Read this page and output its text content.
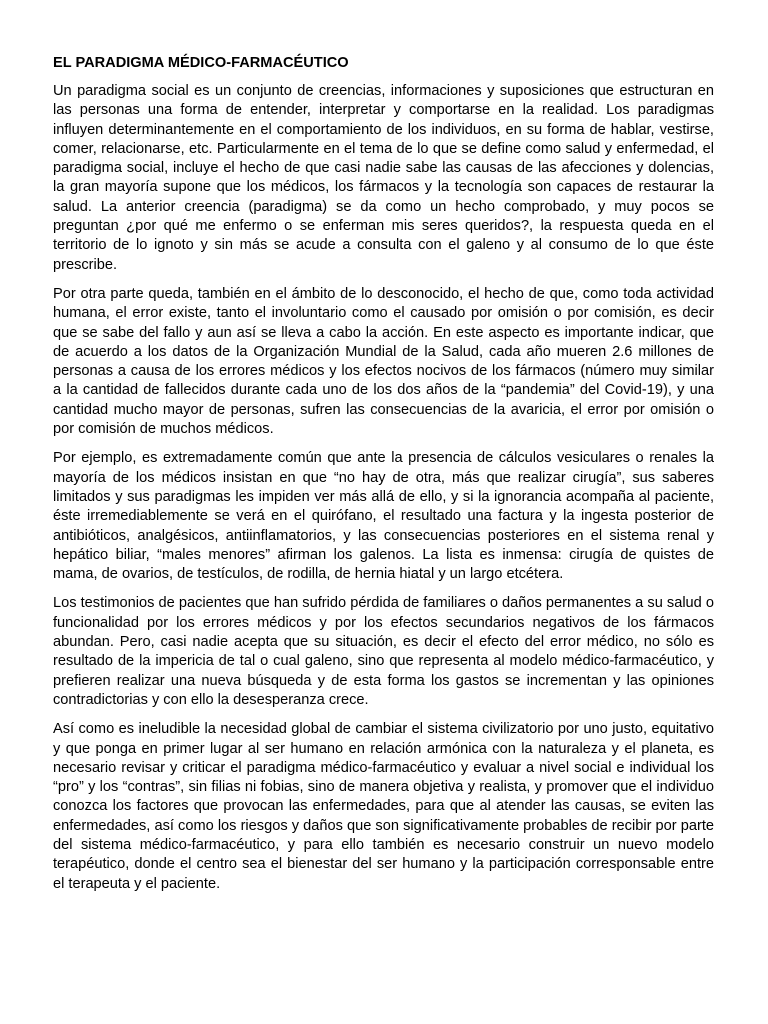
EL PARADIGMA MÉDICO-FARMACÉUTICO

Un paradigma social es un conjunto de creencias, informaciones y suposiciones que estructuran en las personas una forma de entender, interpretar y comportarse en la realidad. Los paradigmas influyen determinantemente en el comportamiento de los individuos, en su forma de hablar, vestirse, comer, relacionarse, etc. Particularmente en el tema de lo que se define como salud y enfermedad, el paradigma social, incluye el hecho de que casi nadie sabe las causas de las afecciones y dolencias, la gran mayoría supone que los médicos, los fármacos y la tecnología son capaces de restaurar la salud. La anterior creencia (paradigma) se da como un hecho comprobado, y muy pocos se preguntan ¿por qué me enfermo o se enferman mis seres queridos?, la respuesta queda en el territorio de lo ignoto y sin más se acude a consulta con el galeno y al consumo de lo que éste prescribe.

Por otra parte queda, también en el ámbito de lo desconocido, el hecho de que, como toda actividad humana, el error existe, tanto el involuntario como el causado por omisión o por comisión, es decir que se sabe del fallo y aun así se lleva a cabo la acción. En este aspecto es importante indicar, que de acuerdo a los datos de la Organización Mundial de la Salud, cada año mueren 2.6 millones de personas a causa de los errores médicos y los efectos nocivos de los fármacos (número muy similar a la cantidad de fallecidos durante cada uno de los dos años de la “pandemia” del Covid-19), y una cantidad mucho mayor de personas, sufren las consecuencias de la avaricia, el error por omisión o por comisión de muchos médicos.

Por ejemplo, es extremadamente común que ante la presencia de cálculos vesiculares o renales la mayoría de los médicos insistan en que “no hay de otra, más que realizar cirugía”, sus saberes limitados y sus paradigmas les impiden ver más allá de ello, y si la ignorancia acompaña al paciente, éste irremediablemente se verá en el quirófano, el resultado una factura y la ingesta posterior de antibióticos, analgésicos, antiinflamatorios, y las consecuencias posteriores en el sistema renal y hepático biliar, “males menores” afirman los galenos. La lista es inmensa: cirugía de quistes de mama, de ovarios, de testículos, de rodilla, de hernia hiatal y un largo etcétera.

Los testimonios de pacientes que han sufrido pérdida de familiares o daños permanentes a su salud o funcionalidad por los errores médicos y por los efectos secundarios negativos de los fármacos abundan. Pero, casi nadie acepta que su situación, es decir el efecto del error médico, no sólo es resultado de la impericia de tal o cual galeno, sino que representa al modelo médico-farmacéutico, y prefieren realizar una nueva búsqueda y de esta forma los gastos se incrementan y las opiniones contradictorias y con ello la desesperanza crece.

Así como es ineludible la necesidad global de cambiar el sistema civilizatorio por uno justo, equitativo y que ponga en primer lugar al ser humano en relación armónica con la naturaleza y el planeta, es necesario revisar y criticar el paradigma médico-farmacéutico y evaluar a nivel social e individual los “pro” y los “contras”, sin filias ni fobias, sino de manera objetiva y realista, y promover que el individuo conozca los factores que provocan las enfermedades, para que al atender las causas, se eviten las enfermedades, así como los riesgos y daños que son significativamente probables de recibir por parte del sistema médico-farmacéutico, y para ello también es necesario construir un nuevo modelo terapéutico, donde el centro sea el bienestar del ser humano y la participación corresponsable entre el terapeuta y el paciente.
